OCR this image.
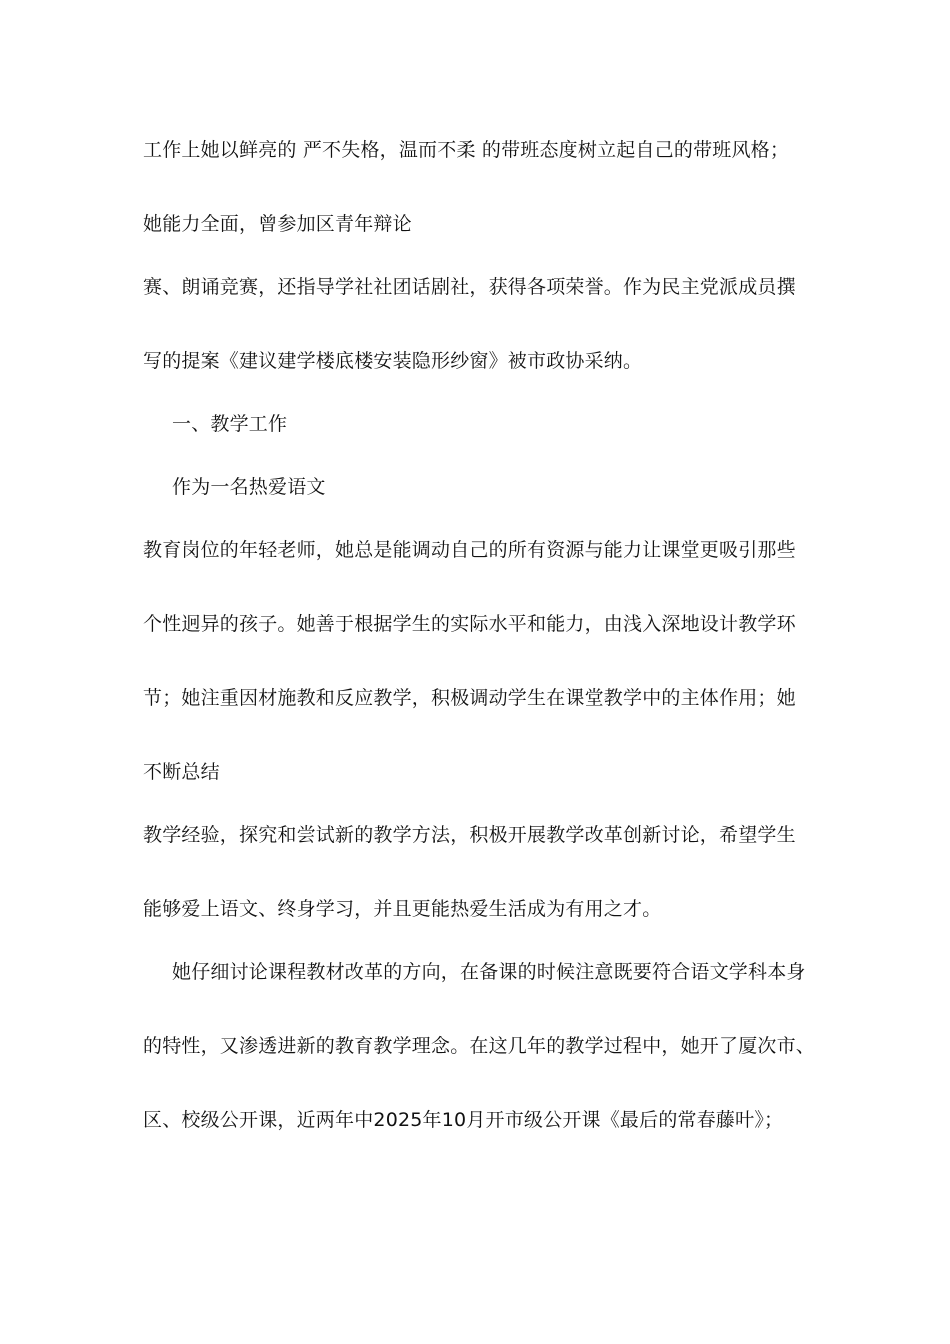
工作上她以鲜亮的 严不失格，温而不柔 的带班态度树立起自己的带班风格；
她能力全面，曾参加区青年辩论
赛、朗诵竞赛，还指导学社社团话剧社，获得各项荣誉。作为民主党派成员撰
写的提案《建议建学楼底楼安装隐形纱窗》被市政协采纳。
一、教学工作
作为一名热爱语文
教育岗位的年轻老师，她总是能调动自己的所有资源与能力让课堂更吸引那些
个性迥异的孩子。她善于根据学生的实际水平和能力，由浅入深地设计教学环
节；她注重因材施教和反应教学，积极调动学生在课堂教学中的主体作用；她
不断总结
教学经验，探究和尝试新的教学方法，积极开展教学改革创新讨论，希望学生
能够爱上语文、终身学习，并且更能热爱生活成为有用之才。
她仔细讨论课程教材改革的方向，在备课的时候注意既要符合语文学科本身
的特性，又渗透进新的教育教学理念。在这几年的教学过程中，她开了厦次市、
区、校级公开课，近两年中2025年10月开市级公开课《最后的常春藤叶》；
